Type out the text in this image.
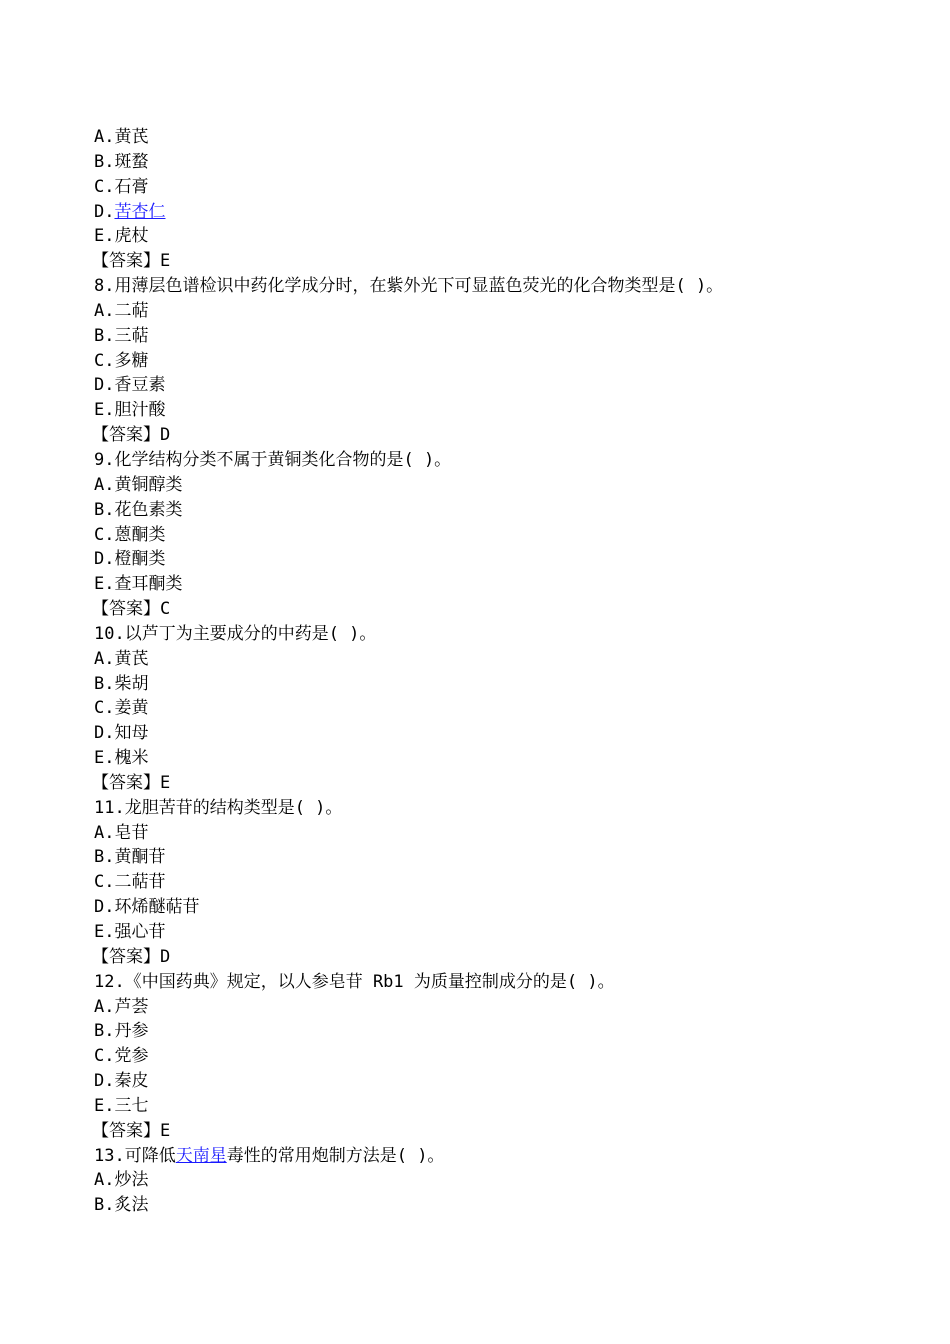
A.黄芪
B.斑蝥
C.石膏
D.苦杏仁
E.虎杖
【答案】E
8.用薄层色谱检识中药化学成分时，在紫外光下可显蓝色荧光的化合物类型是( )。
A.二萜
B.三萜
C.多糖
D.香豆素
E.胆汁酸
【答案】D
9.化学结构分类不属于黄铜类化合物的是( )。
A.黄铜醇类
B.花色素类
C.蒽酮类
D.橙酮类
E.查耳酮类
【答案】C
10.以芦丁为主要成分的中药是( )。
A.黄芪
B.柴胡
C.姜黄
D.知母
E.槐米
【答案】E
11.龙胆苦苷的结构类型是( )。
A.皂苷
B.黄酮苷
C.二萜苷
D.环烯醚萜苷
E.强心苷
【答案】D
12.《中国药典》规定，以人参皂苷 Rb1 为质量控制成分的是( )。
A.芦荟
B.丹参
C.党参
D.秦皮
E.三七
【答案】E
13.可降低天南星毒性的常用炮制方法是( )。
A.炒法
B.炙法
